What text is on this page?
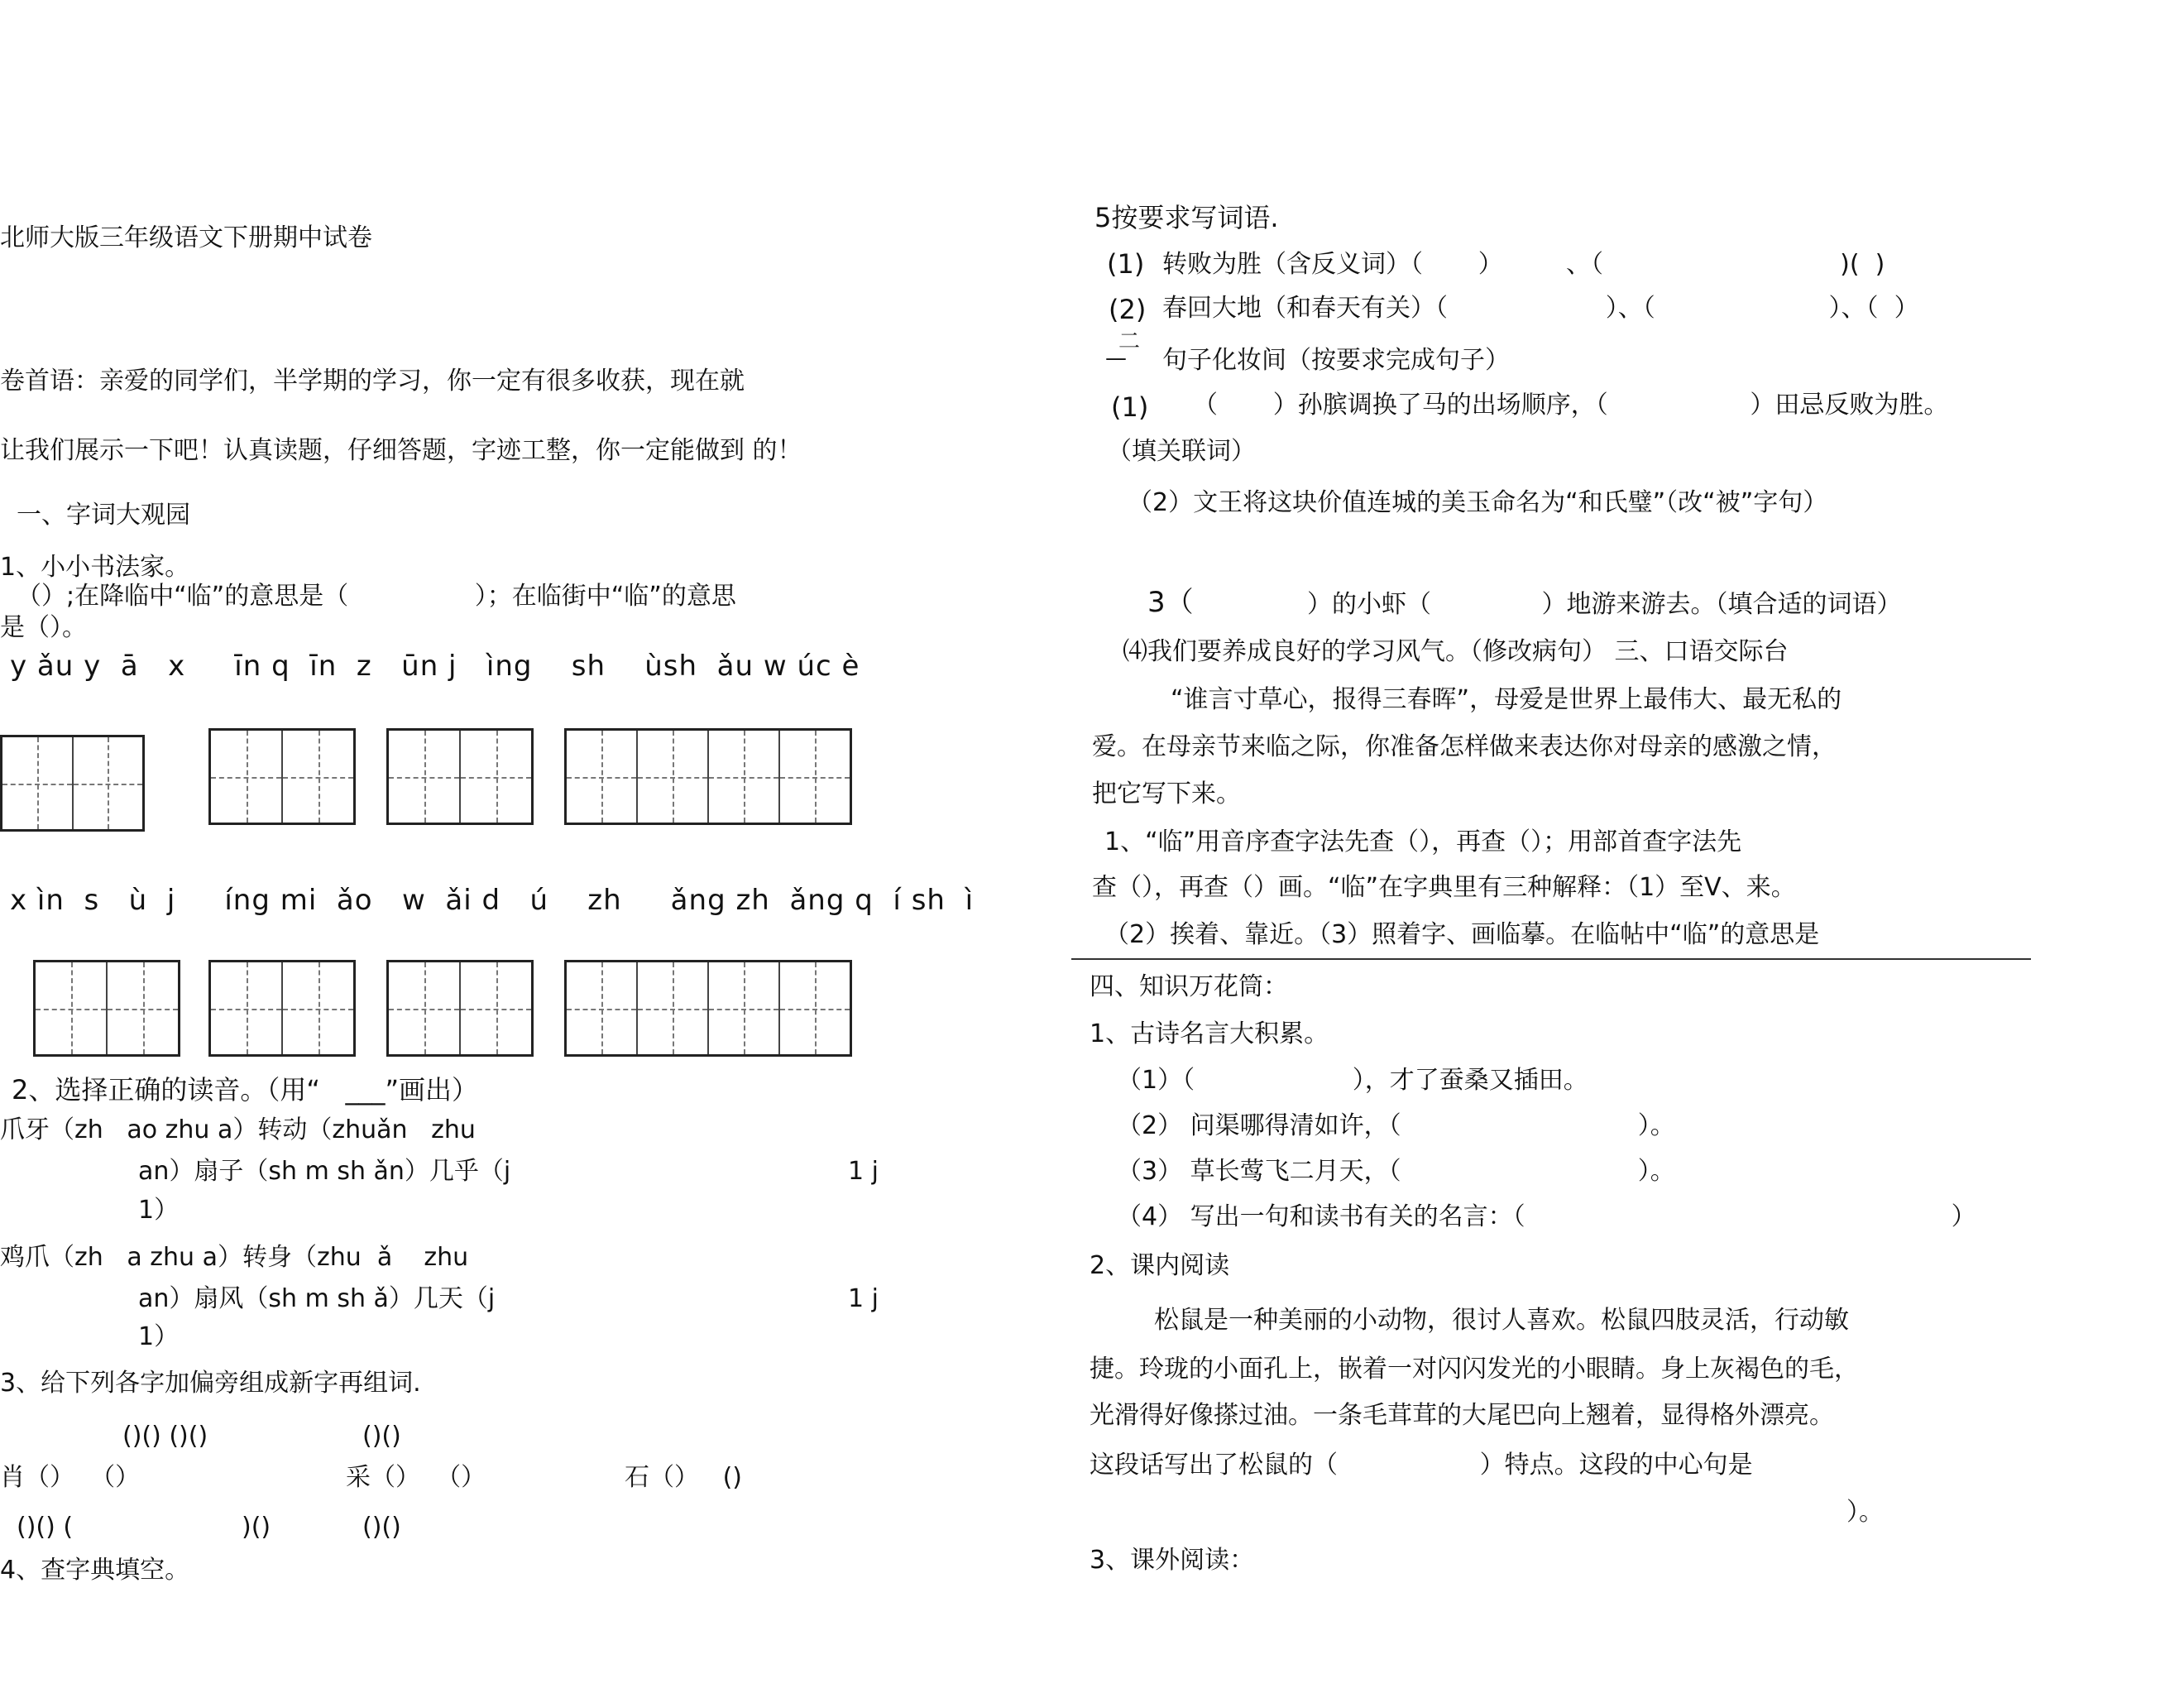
北师大版三年级语文下册期中试卷
卷首语：亲爱的同学们，半学期的学习，你一定有很多收获，现在就
让我们展示一下吧！认真读题，仔细答题，字迹工整，你一定能做到 的！
一、字词大观园
1、小小书法家。
（）;在降临中“临”的意思是（                ）；在临街中“临”的意思
是（）。
y ǎu y  ā   x     īn q  īn  z   ūn j   ìng    sh    ùsh  ǎu w úc è
x ìn  s   ù  j     íng mi  ǎo   w  ǎi d   ú    zh     ǎng zh  ǎng q  í sh  ì
2、选择正确的读音。（用“   ___”画出）
爪牙（zh   ao zhu a）转动（zhuǎn   zhu
an）扇子（sh m sh ǎn）几乎（j	1 j
1）
鸡爪（zh   a zhu a）转身（zhu  ǎ    zhu
an）扇风（sh m sh ǎ）几天（j	1 j
1）
3、给下列各字加偏旁组成新字再组词.
()() ()()	()()
肖（）  （）	采（）  （）	石（）   ()
()() (	)()	()()
4、查字典填空。
5按要求写词语.
(1) 转败为胜（含反义词）（       ）        、（                              )(  )
(2) 春回大地（和春天有关）（                    ）、（                      ）、（  ）
二
— 句子化妆间（按要求完成句子）
(1) （       ）孙膑调换了马的出场顺序，（                  ）田忌反败为胜。
（填关联词）
（2）文王将这块价值连城的美玉命名为“和氏璧”（改“被”字句）
3（	）的小虾（              ）地游来游去。（填合适的词语）
⑷我们要养成良好的学习风气。（修改病句） 三、口语交际台
“谁言寸草心，报得三春晖”，母爱是世界上最伟大、最无私的
爱。在母亲节来临之际，你准备怎样做来表达你对母亲的感激之情，
把它写下来。
1、“临”用音序查字法先查（），再查（）；用部首查字法先
查（），再查（）画。“临”在字典里有三种解释：（1）至V、来。
（2）挨着、靠近。（3）照着字、画临摹。在临帖中“临”的意思是
四、知识万花筒：
1、古诗名言大积累。
（1）（                    ），才了蚕桑又插田。
（2） 问渠哪得清如许，（                              ）。
（3） 草长莺飞二月天，（                              ）。
（4） 写出一句和读书有关的名言：（                                                      ）
2、课内阅读
松鼠是一种美丽的小动物，很讨人喜欢。松鼠四肢灵活，行动敏
捷。玲珑的小面孔上，嵌着一对闪闪发光的小眼睛。身上灰褐色的毛，
光滑得好像搽过油。一条毛茸茸的大尾巴向上翘着，显得格外漂亮。
这段话写出了松鼠的（                  ）特点。这段的中心句是
）。
3、课外阅读：
